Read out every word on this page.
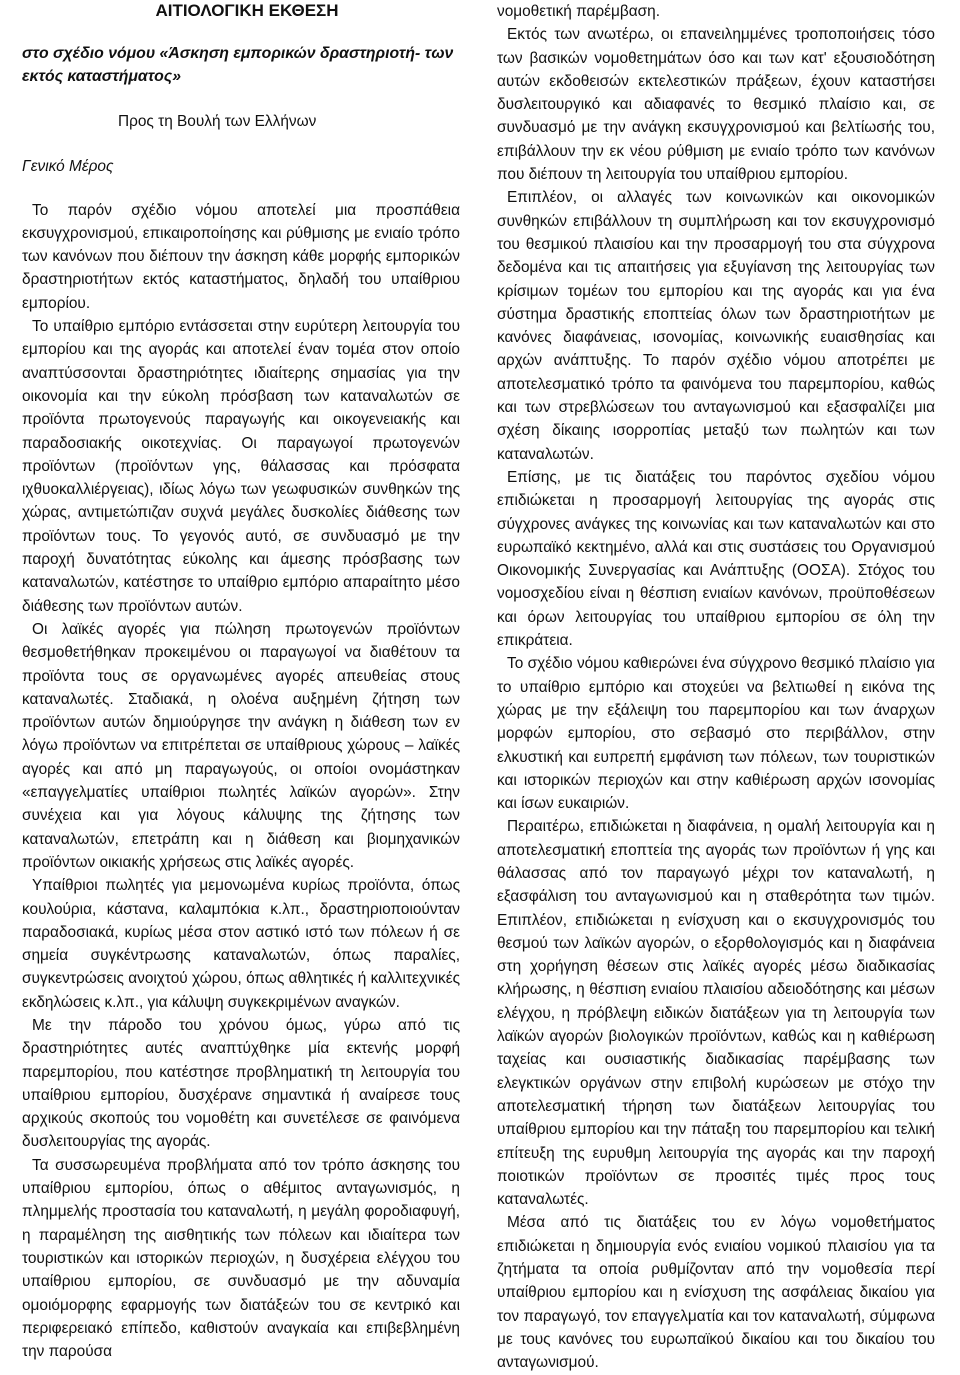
ΑΙΤΙΟΛΟΓΙΚΗ ΕΚΘΕΣΗ
στο σχέδιο νόμου «Άσκηση εμπορικών δραστηριοτή- των εκτός καταστήματος»
Προς τη Βουλή των Ελλήνων
Γενικό Μέρος

Το παρόν σχέδιο νόμου αποτελεί μια προσπάθεια εκσυγχρονισμού, επικαιροποίησης και ρύθμισης με ενιαίο τρόπο των κανόνων που διέπουν την άσκηση κάθε μορφής εμπορικών δραστηριοτήτων εκτός καταστήματος, δηλαδή του υπαίθριου εμπορίου.

Το υπαίθριο εμπόριο εντάσσεται στην ευρύτερη λειτουργία του εμπορίου και της αγοράς και αποτελεί έναν τομέα στον οποίο αναπτύσσονται δραστηριότητες ιδιαίτερης σημασίας για την οικονομία και την εύκολη πρόσβαση των καταναλωτών σε προϊόντα πρωτογενούς παραγωγής και οικογενειακής και παραδοσιακής οικοτεχνίας. Οι παραγωγοί πρωτογενών προϊόντων (προϊόντων γης, θάλασσας και πρόσφατα ιχθυοκαλλιέργειας), ιδίως λόγω των γεωφυσικών συνθηκών της χώρας, αντιμετώπιζαν συχνά μεγάλες δυσκολίες διάθεσης των προϊόντων τους. Το γεγονός αυτό, σε συνδυασμό με την παροχή δυνατότητας εύκολης και άμεσης πρόσβασης των καταναλωτών, κατέστησε το υπαίθριο εμπόριο απαραίτητο μέσο διάθεσης των προϊόντων αυτών.

Οι λαϊκές αγορές για πώληση πρωτογενών προϊόντων θεσμοθετήθηκαν προκειμένου οι παραγωγοί να διαθέτουν τα προϊόντα τους σε οργανωμένες αγορές απευθείας στους καταναλωτές. Σταδιακά, η ολοένα αυξημένη ζήτηση των προϊόντων αυτών δημιούργησε την ανάγκη η διάθεση των εν λόγω προϊόντων να επιτρέπεται σε υπαίθριους χώρους – λαϊκές αγορές και από μη παραγωγούς, οι οποίοι ονομάστηκαν «επαγγελματίες υπαίθριοι πωλητές λαϊκών αγορών». Στην συνέχεια και για λόγους κάλυψης της ζήτησης των καταναλωτών, επετράπη και η διάθεση και βιομηχανικών προϊόντων οικιακής χρήσεως στις λαϊκές αγορές.

Υπαίθριοι πωλητές για μεμονωμένα κυρίως προϊόντα, όπως κουλούρια, κάστανα, καλαμπόκια κ.λπ., δραστηριοποιούνταν παραδοσιακά, κυρίως μέσα στον αστικό ιστό των πόλεων ή σε σημεία συγκέντρωσης καταναλωτών, όπως παραλίες, συγκεντρώσεις ανοιχτού χώρου, όπως αθλητικές ή καλλιτεχνικές εκδηλώσεις κ.λπ., για κάλυψη συγκεκριμένων αναγκών.

Με την πάροδο του χρόνου όμως, γύρω από τις δραστηριότητες αυτές αναπτύχθηκε μία εκτενής μορφή παρεμπορίου, που κατέστησε προβληματική τη λειτουργία του υπαίθριου εμπορίου, δυσχέρανε σημαντικά ή αναίρεσε τους αρχικούς σκοπούς του νομοθέτη και συνετέλεσε σε φαινόμενα δυσλειτουργίας της αγοράς.

Τα συσσωρευμένα προβλήματα από τον τρόπο άσκησης του υπαίθριου εμπορίου, όπως ο αθέμιτος ανταγωνισμός, η πλημμελής προστασία του καταναλωτή, η μεγάλη φοροδιαφυγή, η παραμέληση της αισθητικής των πόλεων και ιδιαίτερα των τουριστικών και ιστορικών περιοχών, η δυσχέρεια ελέγχου του υπαίθριου εμπορίου, σε συνδυασμό με την αδυναμία ομοιόμορφης εφαρμογής των διατάξεών του σε κεντρικό και περιφερειακό επίπεδο, καθιστούν αναγκαία και επιβεβλημένη την παρούσα

νομοθετική παρέμβαση.

Εκτός των ανωτέρω, οι επανειλημμένες τροποποιήσεις τόσο των βασικών νομοθετημάτων όσο και των κατ' εξουσιοδότηση αυτών εκδοθεισών εκτελεστικών πράξεων, έχουν καταστήσει δυσλειτουργικό και αδιαφανές το θεσμικό πλαίσιο και, σε συνδυασμό με την ανάγκη εκσυγχρονισμού και βελτίωσής του, επιβάλλουν την εκ νέου ρύθμιση με ενιαίο τρόπο των κανόνων που διέπουν τη λειτουργία του υπαίθριου εμπορίου.

Επιπλέον, οι αλλαγές των κοινωνικών και οικονομικών συνθηκών επιβάλλουν τη συμπλήρωση και τον εκσυγχρονισμό του θεσμικού πλαισίου και την προσαρμογή του στα σύγχρονα δεδομένα και τις απαιτήσεις για εξυγίανση της λειτουργίας των κρίσιμων τομέων του εμπορίου και της αγοράς και για ένα σύστημα δραστικής εποπτείας όλων των δραστηριοτήτων με κανόνες διαφάνειας, ισονομίας, κοινωνικής ευαισθησίας και αρχών ανάπτυξης. Το παρόν σχέδιο νόμου αποτρέπει με αποτελεσματικό τρόπο τα φαινόμενα του παρεμπορίου, καθώς και των στρεβλώσεων του ανταγωνισμού και εξασφαλίζει μια σχέση δίκαιης ισορροπίας μεταξύ των πωλητών και των καταναλωτών.

Επίσης, με τις διατάξεις του παρόντος σχεδίου νόμου επιδιώκεται η προσαρμογή λειτουργίας της αγοράς στις σύγχρονες ανάγκες της κοινωνίας και των καταναλωτών και στο ευρωπαϊκό κεκτημένο, αλλά και στις συστάσεις του Οργανισμού Οικονομικής Συνεργασίας και Ανάπτυξης (ΟΟΣΑ). Στόχος του νομοσχεδίου είναι η θέσπιση ενιαίων κανόνων, προϋποθέσεων και όρων λειτουργίας του υπαίθριου εμπορίου σε όλη την επικράτεια.

Το σχέδιο νόμου καθιερώνει ένα σύγχρονο θεσμικό πλαίσιο για το υπαίθριο εμπόριο και στοχεύει να βελτιωθεί η εικόνα της χώρας με την εξάλειψη του παρεμπορίου και των άναρχων μορφών εμπορίου, στο σεβασμό στο περιβάλλον, στην ελκυστική και ευπρεπή εμφάνιση των πόλεων, των τουριστικών και ιστορικών περιοχών και στην καθιέρωση αρχών ισονομίας και ίσων ευκαιριών.

Περαιτέρω, επιδιώκεται η διαφάνεια, η ομαλή λειτουργία και η αποτελεσματική εποπτεία της αγοράς των προϊόντων ή γης και θάλασσας από τον παραγωγό μέχρι τον καταναλωτή, η εξασφάλιση του ανταγωνισμού και η σταθερότητα των τιμών. Επιπλέον, επιδιώκεται η ενίσχυση και ο εκσυγχρονισμός του θεσμού των λαϊκών αγορών, ο εξορθολογισμός και η διαφάνεια στη χορήγηση θέσεων στις λαϊκές αγορές μέσω διαδικασίας κλήρωσης, η θέσπιση ενιαίου πλαισίου αδειοδότησης και μέσων ελέγχου, η πρόβλεψη ειδικών διατάξεων για τη λειτουργία των λαϊκών αγορών βιολογικών προϊόντων, καθώς και η καθιέρωση ταχείας και ουσιαστικής διαδικασίας παρέμβασης των ελεγκτικών οργάνων στην επιβολή κυρώσεων με στόχο την αποτελεσματική τήρηση των διατάξεων λειτουργίας του υπαίθριου εμπορίου και την πάταξη του παρεμπορίου και τελική επίτευξη της ευρυθμη λειτουργία της αγοράς και την παροχή ποιοτικών προϊόντων σε προσιτές τιμές προς τους καταναλωτές.

Μέσα από τις διατάξεις του εν λόγω νομοθετήματος επιδιώκεται η δημιουργία ενός ενιαίου νομικού πλαισίου για τα ζητήματα τα οποία ρυθμίζονταν από την νομοθεσία περί υπαίθριου εμπορίου και η ενίσχυση της ασφάλειας δικαίου για τον παραγωγό, τον επαγγελματία και τον καταναλωτή, σύμφωνα με τους κανόνες του ευρωπαϊκού δικαίου και του δικαίου του ανταγωνισμού.
